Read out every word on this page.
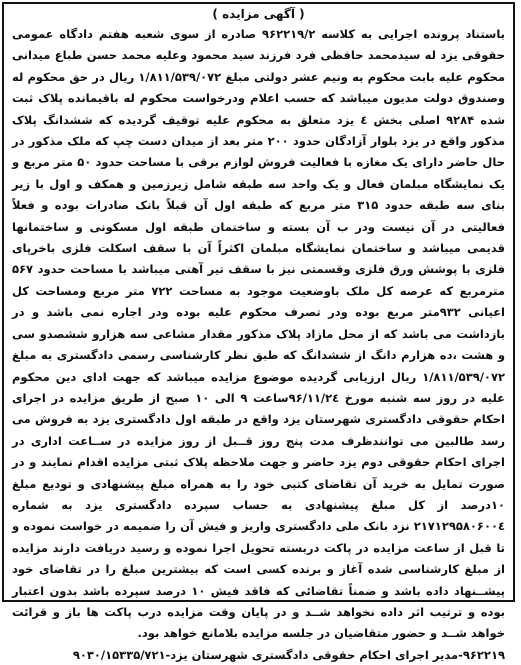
( آگهی مزایده )

باستناد پرونده اجرایی به کلاسه ۹۶۲۲۱۹/۲ صادره از سوی شعبه هفتم دادگاه عمومی حقوقی یزد له سیدمحمد حافظی فرد فرزند سید محمود وعلیه محمد حسن طباع میدانی محکوم علیه بابت محکوم به ونیم عشر دولتی مبلغ ۱/۸۱۱/۵۳۹/۰۷۲ ریال در حق محکوم له وصندوق دولت مدیون میباشد که حسب اعلام ودرخواست محکوم له باقیمانده پلاک ثبت شده ۹۲۸۴ اصلی بخش ٤ یزد متعلق به محکوم علیه توقیف گردیده که ششدانگ پلاک مذکور واقع در یزد بلوار آزادگان حدود ۲۰۰ متر بعد از میدان دست چپ که ملک مذکور در حال حاضر دارای یک مغازه با فعالیت فروش لوازم برقی با مساحت حدود ۵۰ متر مربع و یک نمایشگاه مبلمان فعال و یک واحد سه طبقه شامل زیرزمین و همکف و اول با زیر بنای سه طبقه حدود ۳۱۵ متر مربع که طبقه اول آن قبلاً بانک صادرات بوده و فعلاً فعالیتی در آن نیست ودر ب آن بسته و ساختمان طبقه اول مسکونی و ساختمانها قدیمی میباشد و ساختمان نمایشگاه مبلمان اکثراً آن با سقف اسکلت فلزی باخرپای فلزی با پوشش ورق فلزی وقسمتی نیز با سقف تیر آهنی میباشد با مساحت حدود ۵۶۷ مترمربع که عرصه کل ملک باوضعیت موجود به مساحت ۷۲۲ متر مربع ومساحت کل اعیانی ۹۳۲متر مربع بوده ودر تصرف محکوم علیه بوده ودر اجاره نمی باشد و در بازداشت می باشد که از محل مازاد پلاک مذکور مقدار مشاعی سه هزارو ششصدو سی و هشت ،ده هزارم دانگ از ششدانگ که طبق نظر کارشناسی رسمی دادگستری به مبلغ ۱/۸۱۱/۵۳۹/۰۷۲ ریال ارزیابی گردیده موضوع مزایده میباشد که جهت ادای دین محکوم علیه در روز سه شنبه مورخ ۹۶/۱۱/۲٤ساعت ۹ الی ۱۰ صبح از طریق مزایده در اجرای احکام حقوقی دادگستری شهرستان یزد واقع در طبقه اول دادگستری یزد به فروش می رسد طالبین می توانندظرف مدت پنج روز قــبل از روز مزایده در ســاعت اداری در اجرای احکام حقوقی دوم یزد حاضر و جهت ملاحظه پلاک ثبتی مزایده اقدام نمایند و در صورت تمایل به خرید آن تقاضای کتبی خود را به همراه مبلغ پیشنهادی و تودیع مبلغ ۱۰درصد از کل مبلغ پیشنهادی به حساب سپرده دادگستری یزد به شماره ۲۱۷۱۲۹۵۸۰۶۰۰٤ نزد بانک ملی دادگستری واریز و فیش آن را ضمیمه در خواست نموده و تا قبل از ساعت مزایده در پاکت دربسته تحویل اجرا نموده و رسید دریافت دارند مزایده از مبلغ کارشناسی شده آغاز و برنده کسی است که بیشترین مبلغ را در تقاضای خود پیشــنهاد داده باشد و ضمناً تقاضائی که فاقد فیش ۱۰ درصد سپرده باشد بدون اعتبار بوده و ترتیب اثر داده نخواهد شــد و در پایان وقت مزایده درب پاکت ها باز و قرائت خواهد شــد و حضور متقاضیان در جلسه مزایده بلامانع خواهد بود.

۹۶۲۲۱۹-مدیر اجرای احکام حقوقی دادگستری شهرستان یزد-۹۰۳۰/۱۵۳۳۵/۷۲۱
